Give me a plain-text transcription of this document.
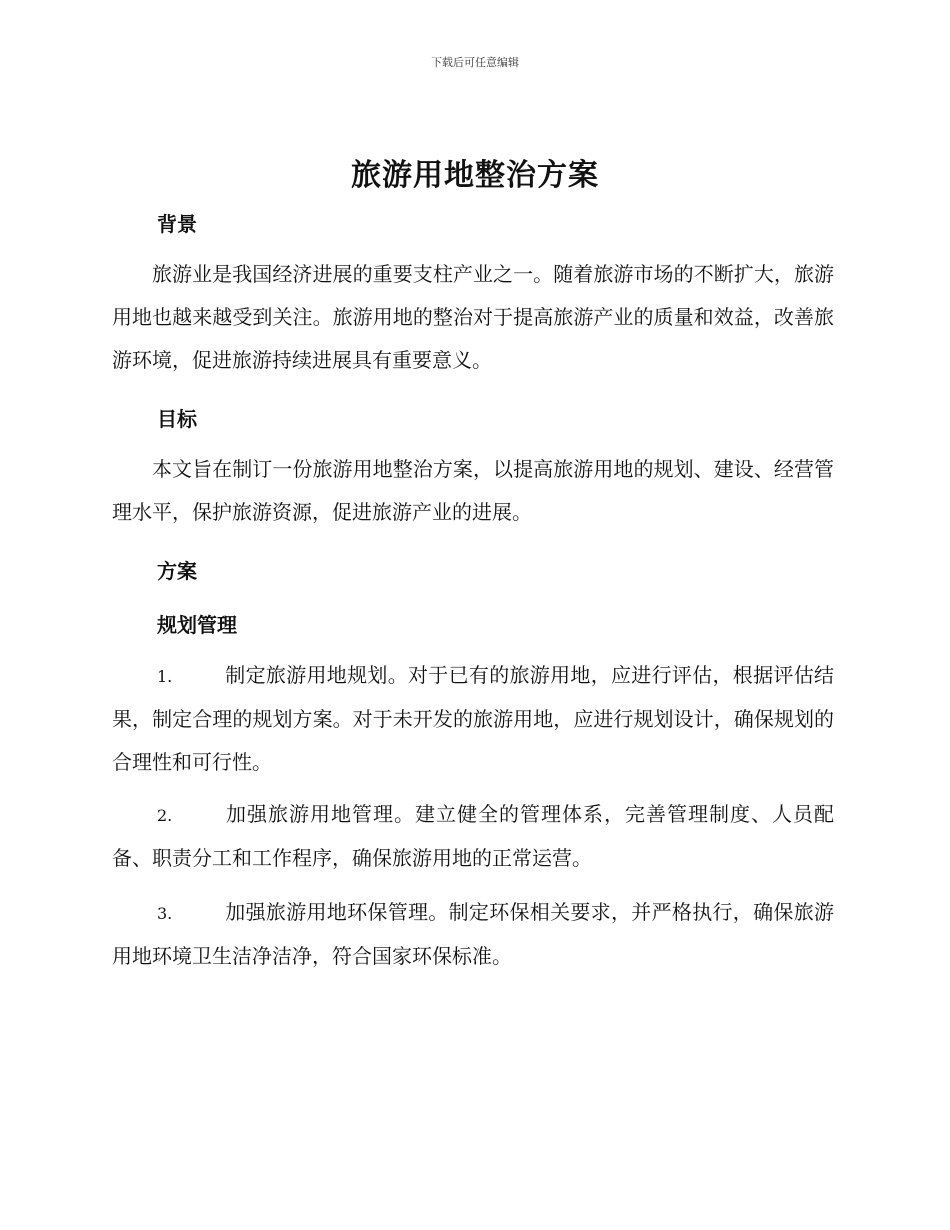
下载后可任意编辑
旅游用地整治方案
背景

旅游业是我国经济进展的重要支柱产业之一。随着旅游市场的不断扩大，旅游用地也越来越受到关注。旅游用地的整治对于提高旅游产业的质量和效益，改善旅游环境，促进旅游持续进展具有重要意义。

目标

本文旨在制订一份旅游用地整治方案，以提高旅游用地的规划、建设、经营管理水平，保护旅游资源，促进旅游产业的进展。

方案
规划管理

1.	制定旅游用地规划。对于已有的旅游用地，应进行评估，根据评估结果，制定合理的规划方案。对于未开发的旅游用地，应进行规划设计，确保规划的合理性和可行性。

2.	加强旅游用地管理。建立健全的管理体系，完善管理制度、人员配备、职责分工和工作程序，确保旅游用地的正常运营。

3.	加强旅游用地环保管理。制定环保相关要求，并严格执行，确保旅游用地环境卫生洁净洁净，符合国家环保标准。
